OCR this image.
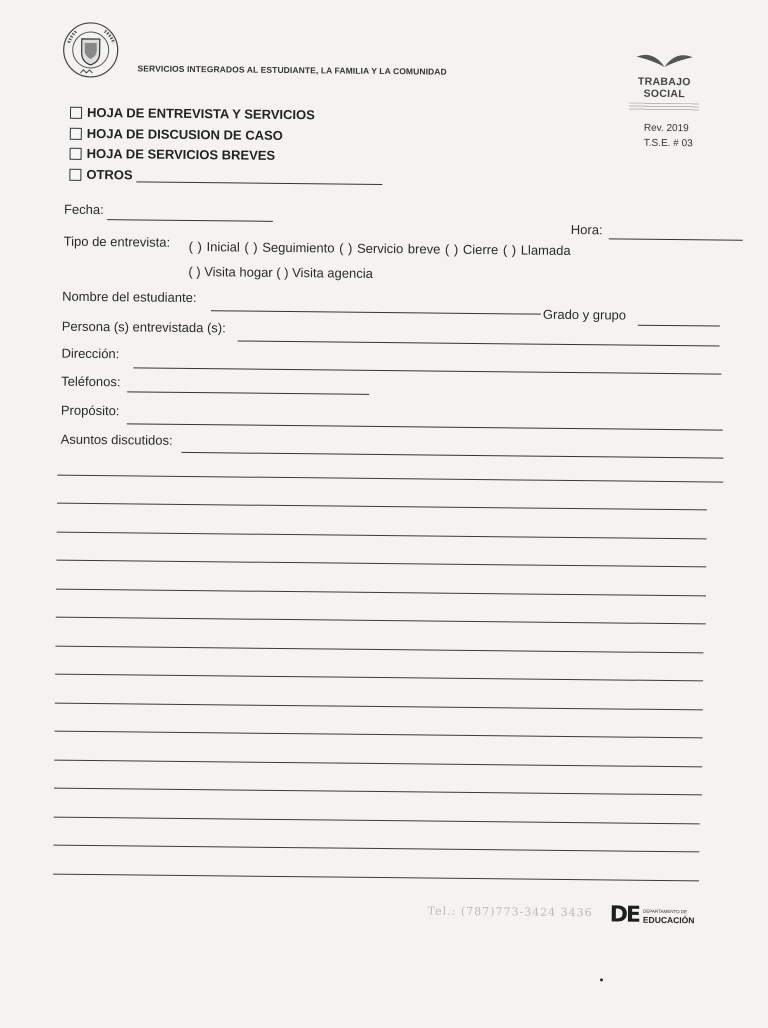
SERVICIOS INTEGRADOS AL ESTUDIANTE, LA FAMILIA Y LA COMUNIDAD
TRABAJO SOCIAL
Rev. 2019
T.S.E. # 03
HOJA DE ENTREVISTA Y SERVICIOS
HOJA DE DISCUSION DE CASO
HOJA DE SERVICIOS BREVES
OTROS
Fecha:
Hora:
Tipo de entrevista: ( ) Inicial ( ) Seguimiento ( ) Servicio breve ( ) Cierre ( ) Llamada
( ) Visita hogar ( ) Visita agencia
Nombre del estudiante:
Grado y grupo
Persona (s) entrevistada (s):
Dirección:
Teléfonos:
Propósito:
Asuntos discutidos:
Tel.: (787)773-3424 3436 DE DEPARTAMENTO DE
EDUCACIÓN
